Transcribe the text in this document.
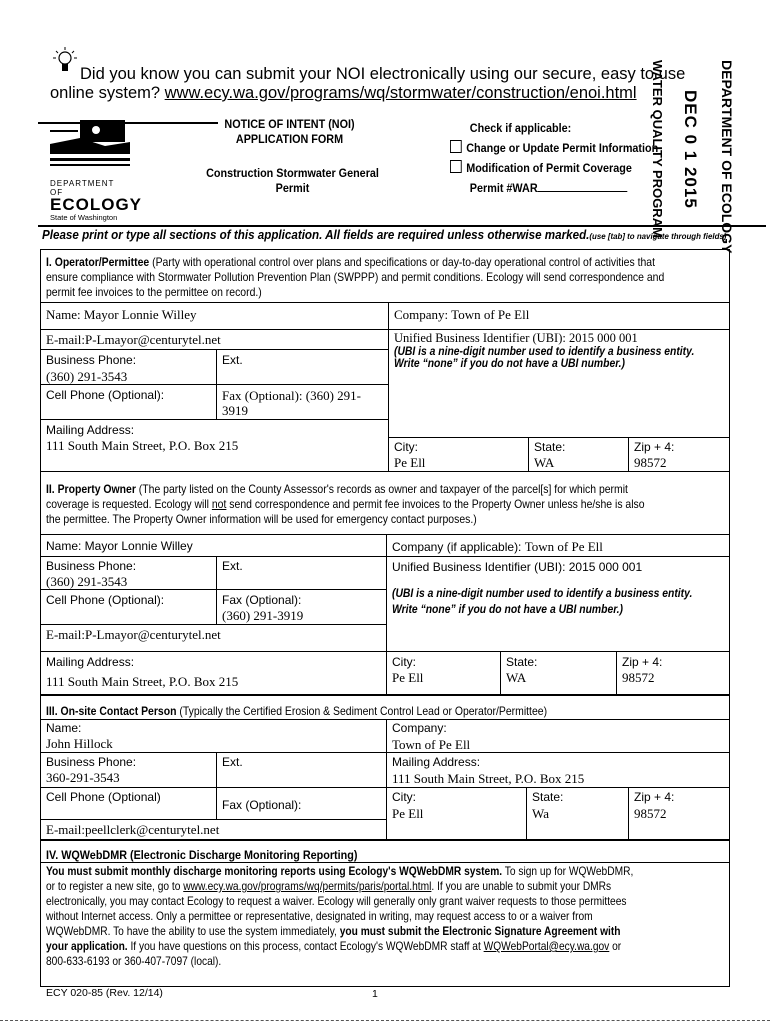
Did you know you can submit your NOI electronically using our secure, easy to use
online system? www.ecy.wa.gov/programs/wq/stormwater/construction/enoi.html
DEPARTMENT OF
ECOLOGY
State of Washington
NOTICE OF INTENT (NOI)
APPLICATION FORM
Construction Stormwater General
Permit
Check if applicable:
Change or Update Permit Information
Modification of Permit Coverage
Permit #WAR	DEPARTMENT OF ECOLOGY
DEC 0 1 2015
WATER QUALITY PROGRAM
Please print or type all sections of this application. All fields are required unless otherwise marked.(use [tab] to navigate through fields)
I. Operator/Permittee (Party with operational control over plans and specifications or day-to-day operational control of activities that
ensure compliance with Stormwater Pollution Prevention Plan (SWPPP) and permit conditions. Ecology will send correspondence and
permit fee invoices to the permittee on record.)
Name: Mayor Lonnie Willey	Company: Town of Pe Ell
E-mail:P-Lmayor@centurytel.net	Unified Business Identifier (UBI): 2015 000 001
(UBI is a nine-digit number used to identify a business entity.
Write “none” if you do not have a UBI number.)
Business Phone:
(360) 291-3543
Ext.
Cell Phone (Optional):	Fax (Optional): (360) 291-
3919
Mailing Address:
111 South Main Street, P.O. Box 215	City:
Pe Ell
State:
WA
Zip + 4:
98572
II. Property Owner (The party listed on the County Assessor's records as owner and taxpayer of the parcel[s] for which permit
coverage is requested. Ecology will not send correspondence and permit fee invoices to the Property Owner unless he/she is also
the permittee. The Property Owner information will be used for emergency contact purposes.)
Name: Mayor Lonnie Willey	Company (if applicable): Town of Pe Ell
Business Phone:
(360) 291-3543
Ext.	Unified Business Identifier (UBI): 2015 000 001
Cell Phone (Optional):	Fax (Optional):
(360) 291-3919
(UBI is a nine-digit number used to identify a business entity.
Write “none” if you do not have a UBI number.)
E-mail:P-Lmayor@centurytel.net
Mailing Address:
111 South Main Street, P.O. Box 215
City:
Pe Ell
State:
WA
Zip + 4:
98572
III. On-site Contact Person (Typically the Certified Erosion & Sediment Control Lead or Operator/Permittee)
Name:
John Hillock
Company:
Town of Pe Ell
Business Phone:
360-291-3543
Ext.	Mailing Address:
111 South Main Street, P.O. Box 215
Cell Phone (Optional)
Fax (Optional):
City:
Pe Ell
State:
Wa
Zip + 4:
98572
E-mail:peellclerk@centurytel.net
IV. WQWebDMR (Electronic Discharge Monitoring Reporting)
You must submit monthly discharge monitoring reports using Ecology's WQWebDMR system. To sign up for WQWebDMR,
or to register a new site, go to www.ecy.wa.gov/programs/wq/permits/paris/portal.html. If you are unable to submit your DMRs
electronically, you may contact Ecology to request a waiver. Ecology will generally only grant waiver requests to those permittees
without Internet access. Only a permittee or representative, designated in writing, may request access to or a waiver from
WQWebDMR. To have the ability to use the system immediately, you must submit the Electronic Signature Agreement with
your application. If you have questions on this process, contact Ecology's WQWebDMR staff at WQWebPortal@ecy.wa.gov or
800-633-6193 or 360-407-7097 (local).
ECY 020-85 (Rev. 12/14)	1
